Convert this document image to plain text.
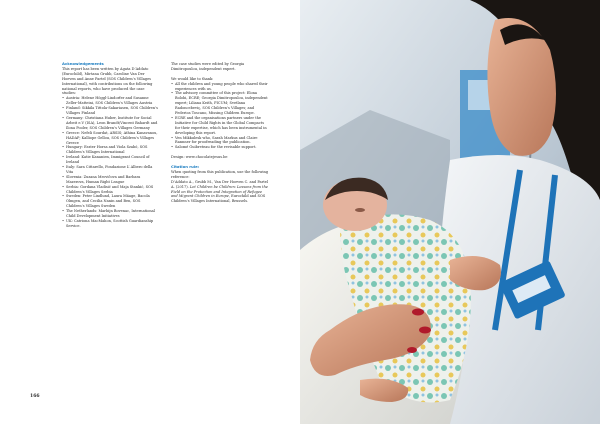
Acknowledgements

This report has been written by Agata D’Addato (Eurochild), Mirtana Grubb, Caroline Van Der Hoeven and Anne Partel (SOS Children’s Villages International), with contributions on the following national reports, who have produced the case studies:

• Austria: Helene Höggl-Lindorfer and Susanne Zeller-Matteini, SOS Children’s Villages Austria
• Finland: Sikkila Tittola-Sakariasen, SOS Children’s Villages Finland
• Germany: Christiana Huber, Institute for Social Arbeit e.V (ISA), Leon Brandt/Vincent Bahardt and Ilona Pooler, SOS Children’s Villages Germany
• Greece: Nefeli Sourdat, ARSIS; Athina Kanavanou, HADAP; Kalliope Gellou, SOS Children’s Villages Greece
• Hungary: Eszter Horsa and Viola Szabó, SOS Children’s Villages International
• Ireland: Katie Kananien, Immigrant Council of Ireland
• Italy: Sara Cittarello, Fondazione L’ Albero della Vita
• Slovenia: Zuzana Mrovičova and Barbara Mazerova, Human Right League
• Serbia: Gordana Vladisić and Maja Stankić, SOS Children’s Villages Serbia
• Sweden: Peter Lindlund, Laura Mäage, Bacola Olmgen, and Cecilia Nanin and Ben, SOS Children’s Villages Sweden
• The Netherlands: Marhijn Bovenac, International Child Development Initiatives
• UK: Catriona MacMahon, Scottish Guardianship Service.

The case studies were edited by Georgia Dimitropoulou, independent expert.

We would like to thank:

• All the children and young people who shared their experiences with us.
• The advisory committee of this project: Elona Bolohi, ECRE; Georgia Dimitropoulou, independent expert; Liliana Keith, PICUM; Svetlana Radoncebeviç, SOS Children’s Villages; and Federica Toscano, Missing Children Europe.
• ECRE and the organisations partners under the Initiative for Child Rights in the Global Compacts for their expertise, which has been instrumental in developing this report.
• Ven Mikkulesk who, Sarah Markus and Claire Rannner for proofreading the publication.
• Salomé Guibreteau for the revisable support.

Design: www.chocolatejesus.be

Citation rule:

When quoting from this publication, use the following reference:

D’Addato A., Grubb M., Van Der Hoeven C. and Partel A. (2017). Let Children be Children: Lessons from the Field on the Protection and Integration of Refugee and Migrant Children in Europe, Eurochild and SOS Children’s Villages International, Brussels.

166
